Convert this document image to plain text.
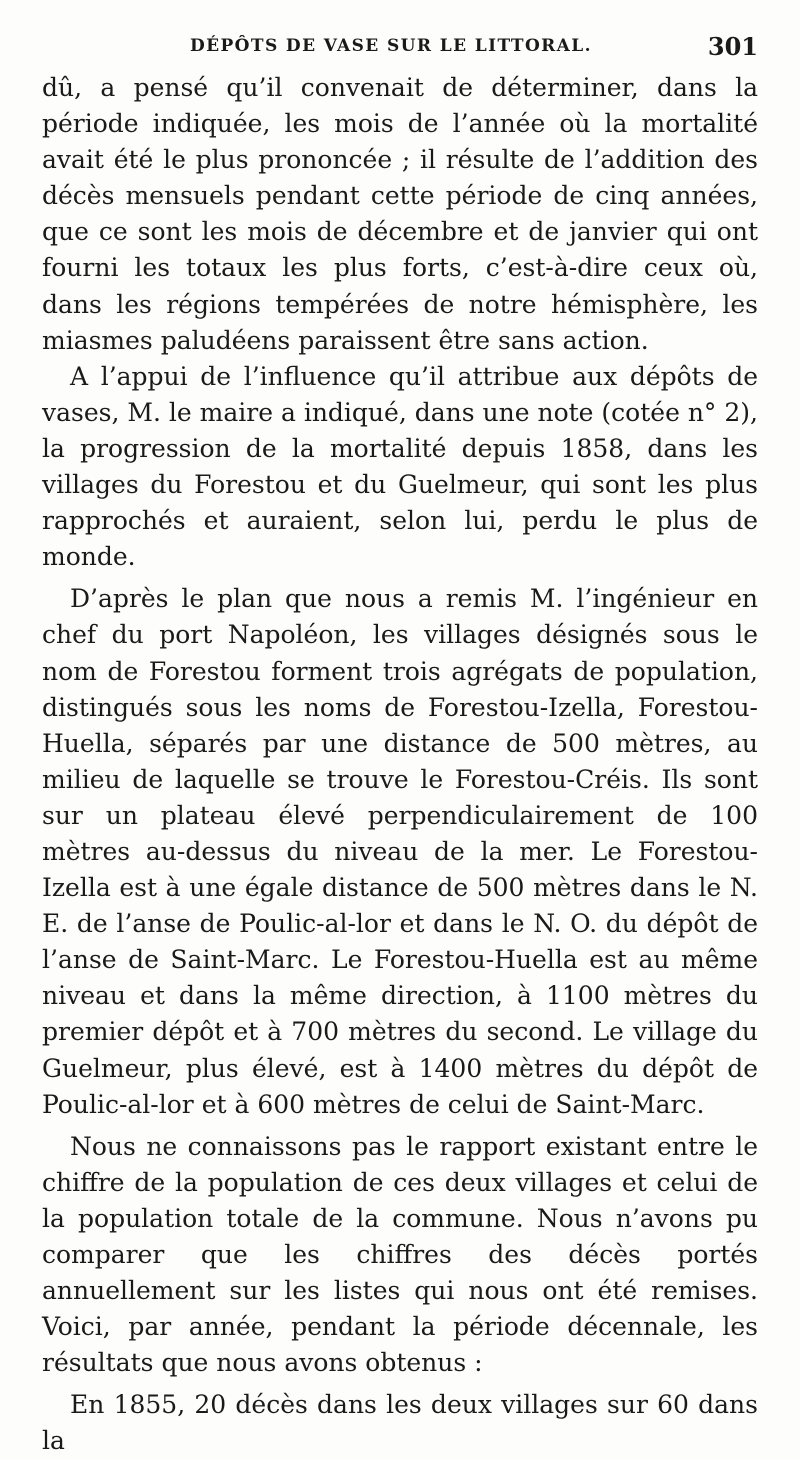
DÉPÔTS DE VASE SUR LE LITTORAL.	301

dû, a pensé qu’il convenait de déterminer, dans la période indiquée, les mois de l’année où la mortalité avait été le plus prononcée ; il résulte de l’addition des décès mensuels pendant cette période de cinq années, que ce sont les mois de décembre et de janvier qui ont fourni les totaux les plus forts, c’est-à-dire ceux où, dans les régions tempérées de notre hémisphère, les miasmes paludéens paraissent être sans action.

A l’appui de l’influence qu’il attribue aux dépôts de vases, M. le maire a indiqué, dans une note (cotée n° 2), la progression de la mortalité depuis 1858, dans les villages du Forestou et du Guelmeur, qui sont les plus rapprochés et auraient, selon lui, perdu le plus de monde.

D’après le plan que nous a remis M. l’ingénieur en chef du port Napoléon, les villages désignés sous le nom de Forestou forment trois agrégats de population, distingués sous les noms de Forestou-Izella, Forestou-Huella, séparés par une distance de 500 mètres, au milieu de laquelle se trouve le Forestou-Créis. Ils sont sur un plateau élevé perpendiculairement de 100 mètres au-dessus du niveau de la mer. Le Forestou-Izella est à une égale distance de 500 mètres dans le N. E. de l’anse de Poulic-al-lor et dans le N. O. du dépôt de l’anse de Saint-Marc. Le Forestou-Huella est au même niveau et dans la même direction, à 1100 mètres du premier dépôt et à 700 mètres du second. Le village du Guelmeur, plus élevé, est à 1400 mètres du dépôt de Poulic-al-lor et à 600 mètres de celui de Saint-Marc.

Nous ne connaissons pas le rapport existant entre le chiffre de la population de ces deux villages et celui de la population totale de la commune. Nous n’avons pu comparer que les chiffres des décès portés annuellement sur les listes qui nous ont été remises. Voici, par année, pendant la période décennale, les résultats que nous avons obtenus :

En 1855, 20 décès dans les deux villages sur 60 dans la
